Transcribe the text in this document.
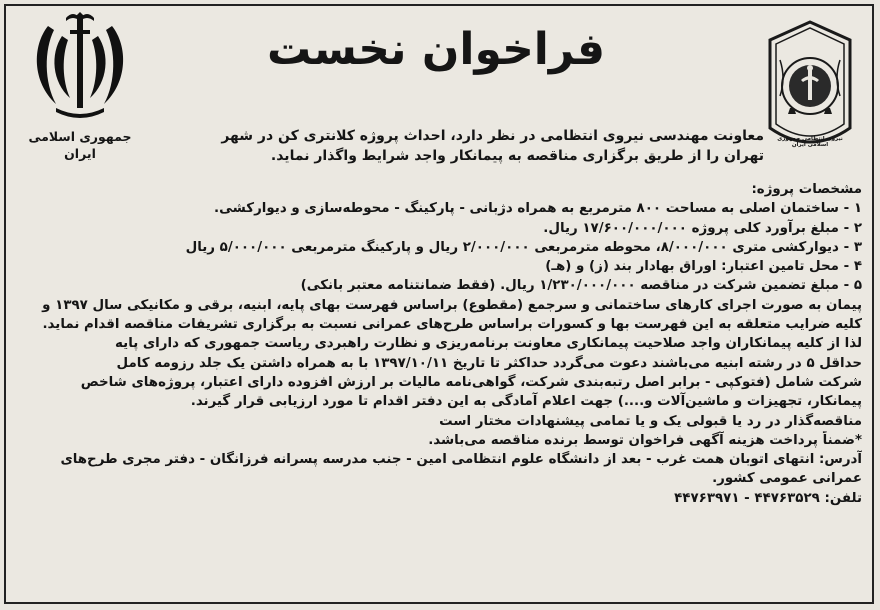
جمهوری اسلامی
ایران
فراخوان نخست
نیروی انتظامی جمهوری اسلامی ایران
معاونت مهندسی نیروی انتظامی در نظر دارد، احداث پروژه کلانتری کن در شهر
تهران را از طریق برگزاری مناقصه به پیمانکار واجد شرایط واگذار نماید.
مشخصات پروژه:
۱ - ساختمان اصلی به مساحت ۸۰۰ مترمربع به همراه دژبانی - پارکینگ - محوطه‌سازی و دیوارکشی.
۲ - مبلغ برآورد کلی پروژه ۱۷/۶۰۰/۰۰۰/۰۰۰ ریال.
۳ - دیوارکشی متری ۸/۰۰۰/۰۰۰، محوطه مترمربعی ۲/۰۰۰/۰۰۰ ریال و پارکینگ مترمربعی ۵/۰۰۰/۰۰۰ ریال
۴ - محل تامین اعتبار: اوراق بهادار بند (ز) و (هـ)
۵ - مبلغ تضمین شرکت در مناقصه ۱/۲۳۰/۰۰۰/۰۰۰ ریال. (فقط ضمانتنامه معتبر بانکی)
پیمان به صورت اجرای کارهای ساختمانی و سرجمع (مقطوع) براساس فهرست بهای پایه، ابنیه، برقی و مکانیکی سال ۱۳۹۷ و
کلیه ضرایب متعلقه به این فهرست بها و کسورات براساس طرح‌های عمرانی نسبت به برگزاری تشریفات مناقصه اقدام نماید.
لذا از کلیه پیمانکاران واجد صلاحیت پیمانکاری معاونت برنامه‌ریزی و نظارت راهبردی ریاست جمهوری که دارای پایه
حداقل ۵ در رشته ابنیه می‌باشند دعوت می‌گردد حداکثر تا تاریخ ۱۳۹۷/۱۰/۱۱ با به همراه داشتن یک جلد رزومه کامل
شرکت شامل (فتوکپی - برابر اصل رتبه‌بندی شرکت، گواهی‌نامه مالیات بر ارزش افزوده دارای اعتبار، پروژه‌های شاخص
پیمانکار، تجهیزات و ماشین‌آلات و....) جهت اعلام آمادگی به این دفتر اقدام تا مورد ارزیابی قرار گیرند.
مناقصه‌گذار در رد یا قبولی یک و یا تمامی پیشنهادات مختار است
*ضمناً پرداخت هزینه آگهی فراخوان توسط برنده مناقصه می‌باشد.
آدرس: انتهای اتوبان همت غرب - بعد از دانشگاه علوم انتظامی امین - جنب مدرسه پسرانه فرزانگان - دفتر مجری طرح‌های
عمرانی عمومی کشور.
تلفن: ۴۴۷۶۳۵۲۹ - ۴۴۷۶۳۹۷۱
